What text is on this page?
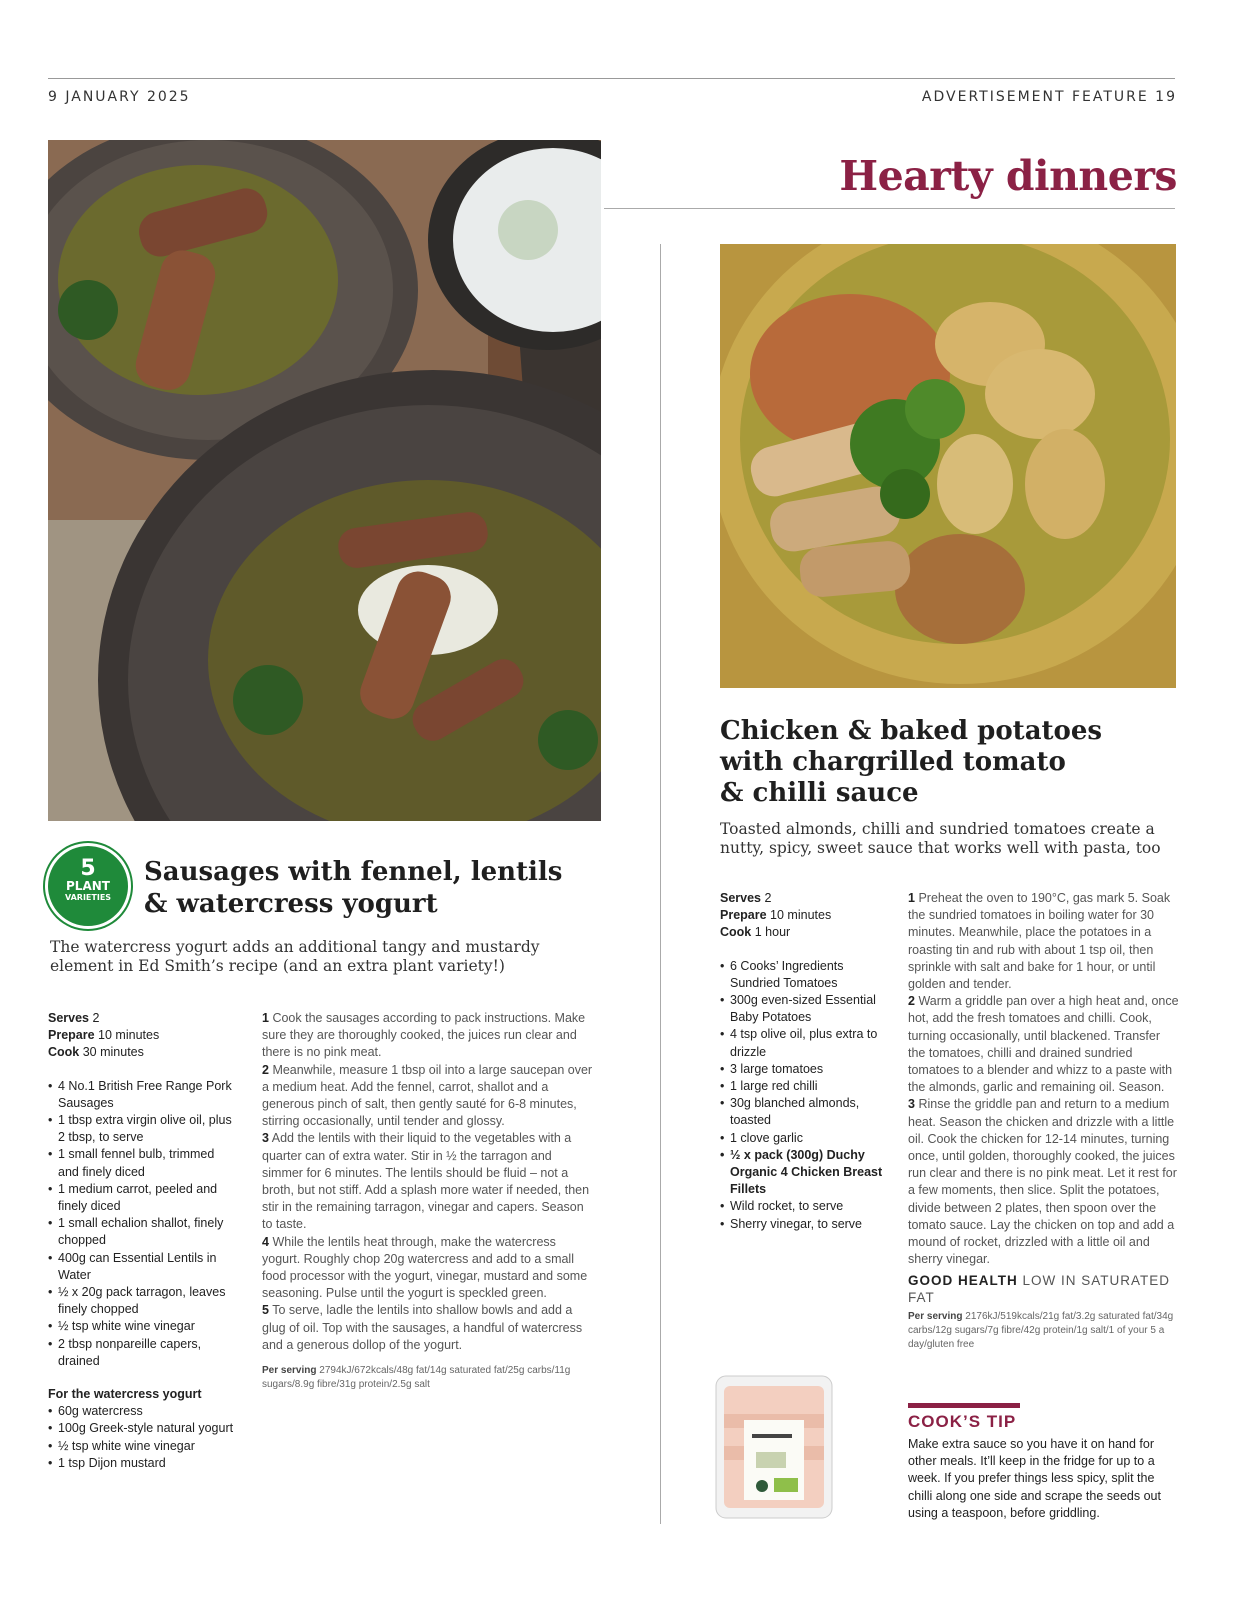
9 JANUARY 2025	ADVERTISEMENT FEATURE 19
Hearty dinners
5
PLANT
VARIETIES
Sausages with fennel, lentils & watercress yogurt
The watercress yogurt adds an additional tangy and mustardy element in Ed Smith’s recipe (and an extra plant variety!)
Serves 2
Prepare 10 minutes
Cook 30 minutes
• 4 No.1 British Free Range Pork Sausages
• 1 tbsp extra virgin olive oil, plus 2 tbsp, to serve
• 1 small fennel bulb, trimmed and finely diced
• 1 medium carrot, peeled and finely diced
• 1 small echalion shallot, finely chopped
• 400g can Essential Lentils in Water
• ½ x 20g pack tarragon, leaves finely chopped
• ½ tsp white wine vinegar
• 2 tbsp nonpareille capers, drained
For the watercress yogurt
• 60g watercress
• 100g Greek-style natural yogurt
• ½ tsp white wine vinegar
• 1 tsp Dijon mustard

1 Cook the sausages according to pack instructions. Make sure they are thoroughly cooked, the juices run clear and there is no pink meat.

2 Meanwhile, measure 1 tbsp oil into a large saucepan over a medium heat. Add the fennel, carrot, shallot and a generous pinch of salt, then gently sauté for 6-8 minutes, stirring occasionally, until tender and glossy.

3 Add the lentils with their liquid to the vegetables with a quarter can of extra water. Stir in ½ the tarragon and simmer for 6 minutes. The lentils should be fluid – not a broth, but not stiff. Add a splash more water if needed, then stir in the remaining tarragon, vinegar and capers. Season to taste.

4 While the lentils heat through, make the watercress yogurt. Roughly chop 20g watercress and add to a small food processor with the yogurt, vinegar, mustard and some seasoning. Pulse until the yogurt is speckled green.

5 To serve, ladle the lentils into shallow bowls and add a glug of oil. Top with the sausages, a handful of watercress and a generous dollop of the yogurt.

Per serving 2794kJ/672kcals/48g fat/14g saturated fat/25g carbs/11g sugars/8.9g fibre/31g protein/2.5g salt
Chicken & baked potatoes
with chargrilled tomato
& chilli sauce
Toasted almonds, chilli and sundried tomatoes create a nutty, spicy, sweet sauce that works well with pasta, too
Serves 2
Prepare 10 minutes
Cook 1 hour
• 6 Cooks’ Ingredients Sundried Tomatoes
• 300g even-sized Essential Baby Potatoes
• 4 tsp olive oil, plus extra to drizzle
• 3 large tomatoes
• 1 large red chilli
• 30g blanched almonds, toasted
• 1 clove garlic
• ½ x pack (300g) Duchy Organic 4 Chicken Breast Fillets
• Wild rocket, to serve
• Sherry vinegar, to serve

1 Preheat the oven to 190°C, gas mark 5. Soak the sundried tomatoes in boiling water for 30 minutes. Meanwhile, place the potatoes in a roasting tin and rub with about 1 tsp oil, then sprinkle with salt and bake for 1 hour, or until golden and tender.

2 Warm a griddle pan over a high heat and, once hot, add the fresh tomatoes and chilli. Cook, turning occasionally, until blackened. Transfer the tomatoes, chilli and drained sundried tomatoes to a blender and whizz to a paste with the almonds, garlic and remaining oil. Season.

3 Rinse the griddle pan and return to a medium heat. Season the chicken and drizzle with a little oil. Cook the chicken for 12-14 minutes, turning once, until golden, thoroughly cooked, the juices run clear and there is no pink meat. Let it rest for a few moments, then slice. Split the potatoes, divide between 2 plates, then spoon over the tomato sauce. Lay the chicken on top and add a mound of rocket, drizzled with a little oil and sherry vinegar.

GOOD HEALTH LOW IN SATURATED FAT
Per serving 2176kJ/519kcals/21g fat/3.2g saturated fat/34g carbs/12g sugars/7g fibre/42g protein/1g salt/1 of your 5 a day/gluten free
COOK’S TIP
Make extra sauce so you have it on hand for other meals. It’ll keep in the fridge for up to a week. If you prefer things less spicy, split the chilli along one side and scrape the seeds out using a teaspoon, before griddling.
